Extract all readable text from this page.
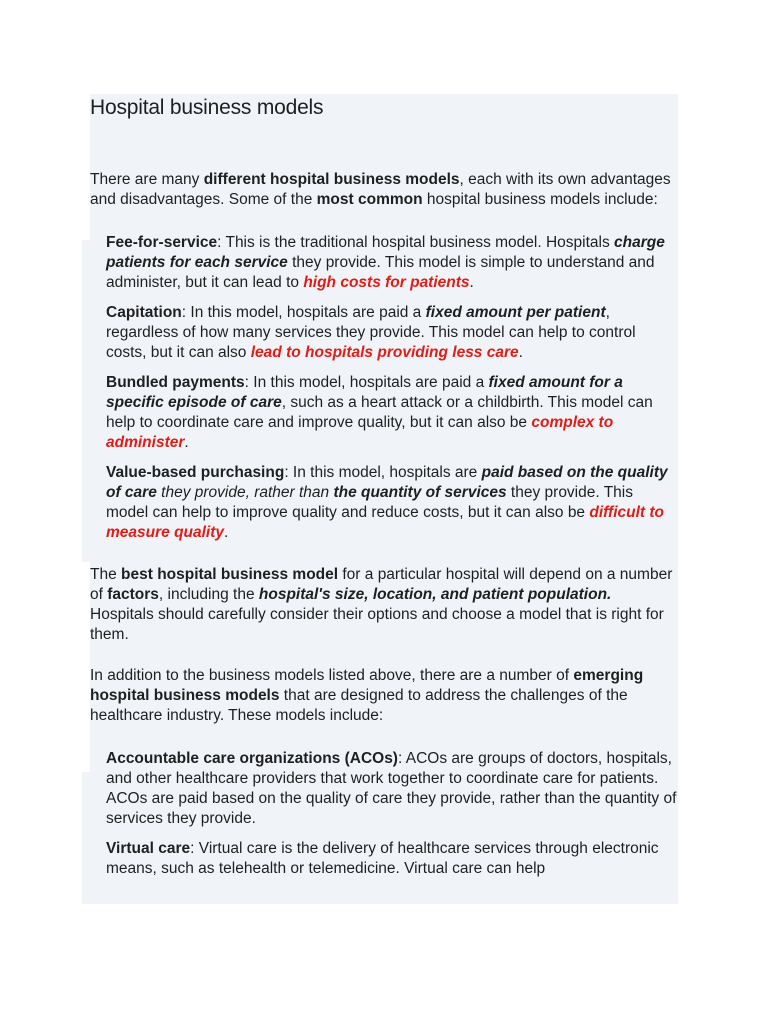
Hospital business models

There are many different hospital business models, each with its own advantages and disadvantages. Some of the most common hospital business models include:

Fee-for-service: This is the traditional hospital business model. Hospitals charge patients for each service they provide. This model is simple to understand and administer, but it can lead to high costs for patients.
Capitation: In this model, hospitals are paid a fixed amount per patient, regardless of how many services they provide. This model can help to control costs, but it can also lead to hospitals providing less care.
Bundled payments: In this model, hospitals are paid a fixed amount for a specific episode of care, such as a heart attack or a childbirth. This model can help to coordinate care and improve quality, but it can also be complex to administer.
Value-based purchasing: In this model, hospitals are paid based on the quality of care they provide, rather than the quantity of services they provide. This model can help to improve quality and reduce costs, but it can also be difficult to measure quality.

The best hospital business model for a particular hospital will depend on a number of factors, including the hospital's size, location, and patient population. Hospitals should carefully consider their options and choose a model that is right for them.

In addition to the business models listed above, there are a number of emerging hospital business models that are designed to address the challenges of the healthcare industry. These models include:

Accountable care organizations (ACOs): ACOs are groups of doctors, hospitals, and other healthcare providers that work together to coordinate care for patients. ACOs are paid based on the quality of care they provide, rather than the quantity of services they provide.
Virtual care: Virtual care is the delivery of healthcare services through electronic means, such as telehealth or telemedicine. Virtual care can help
